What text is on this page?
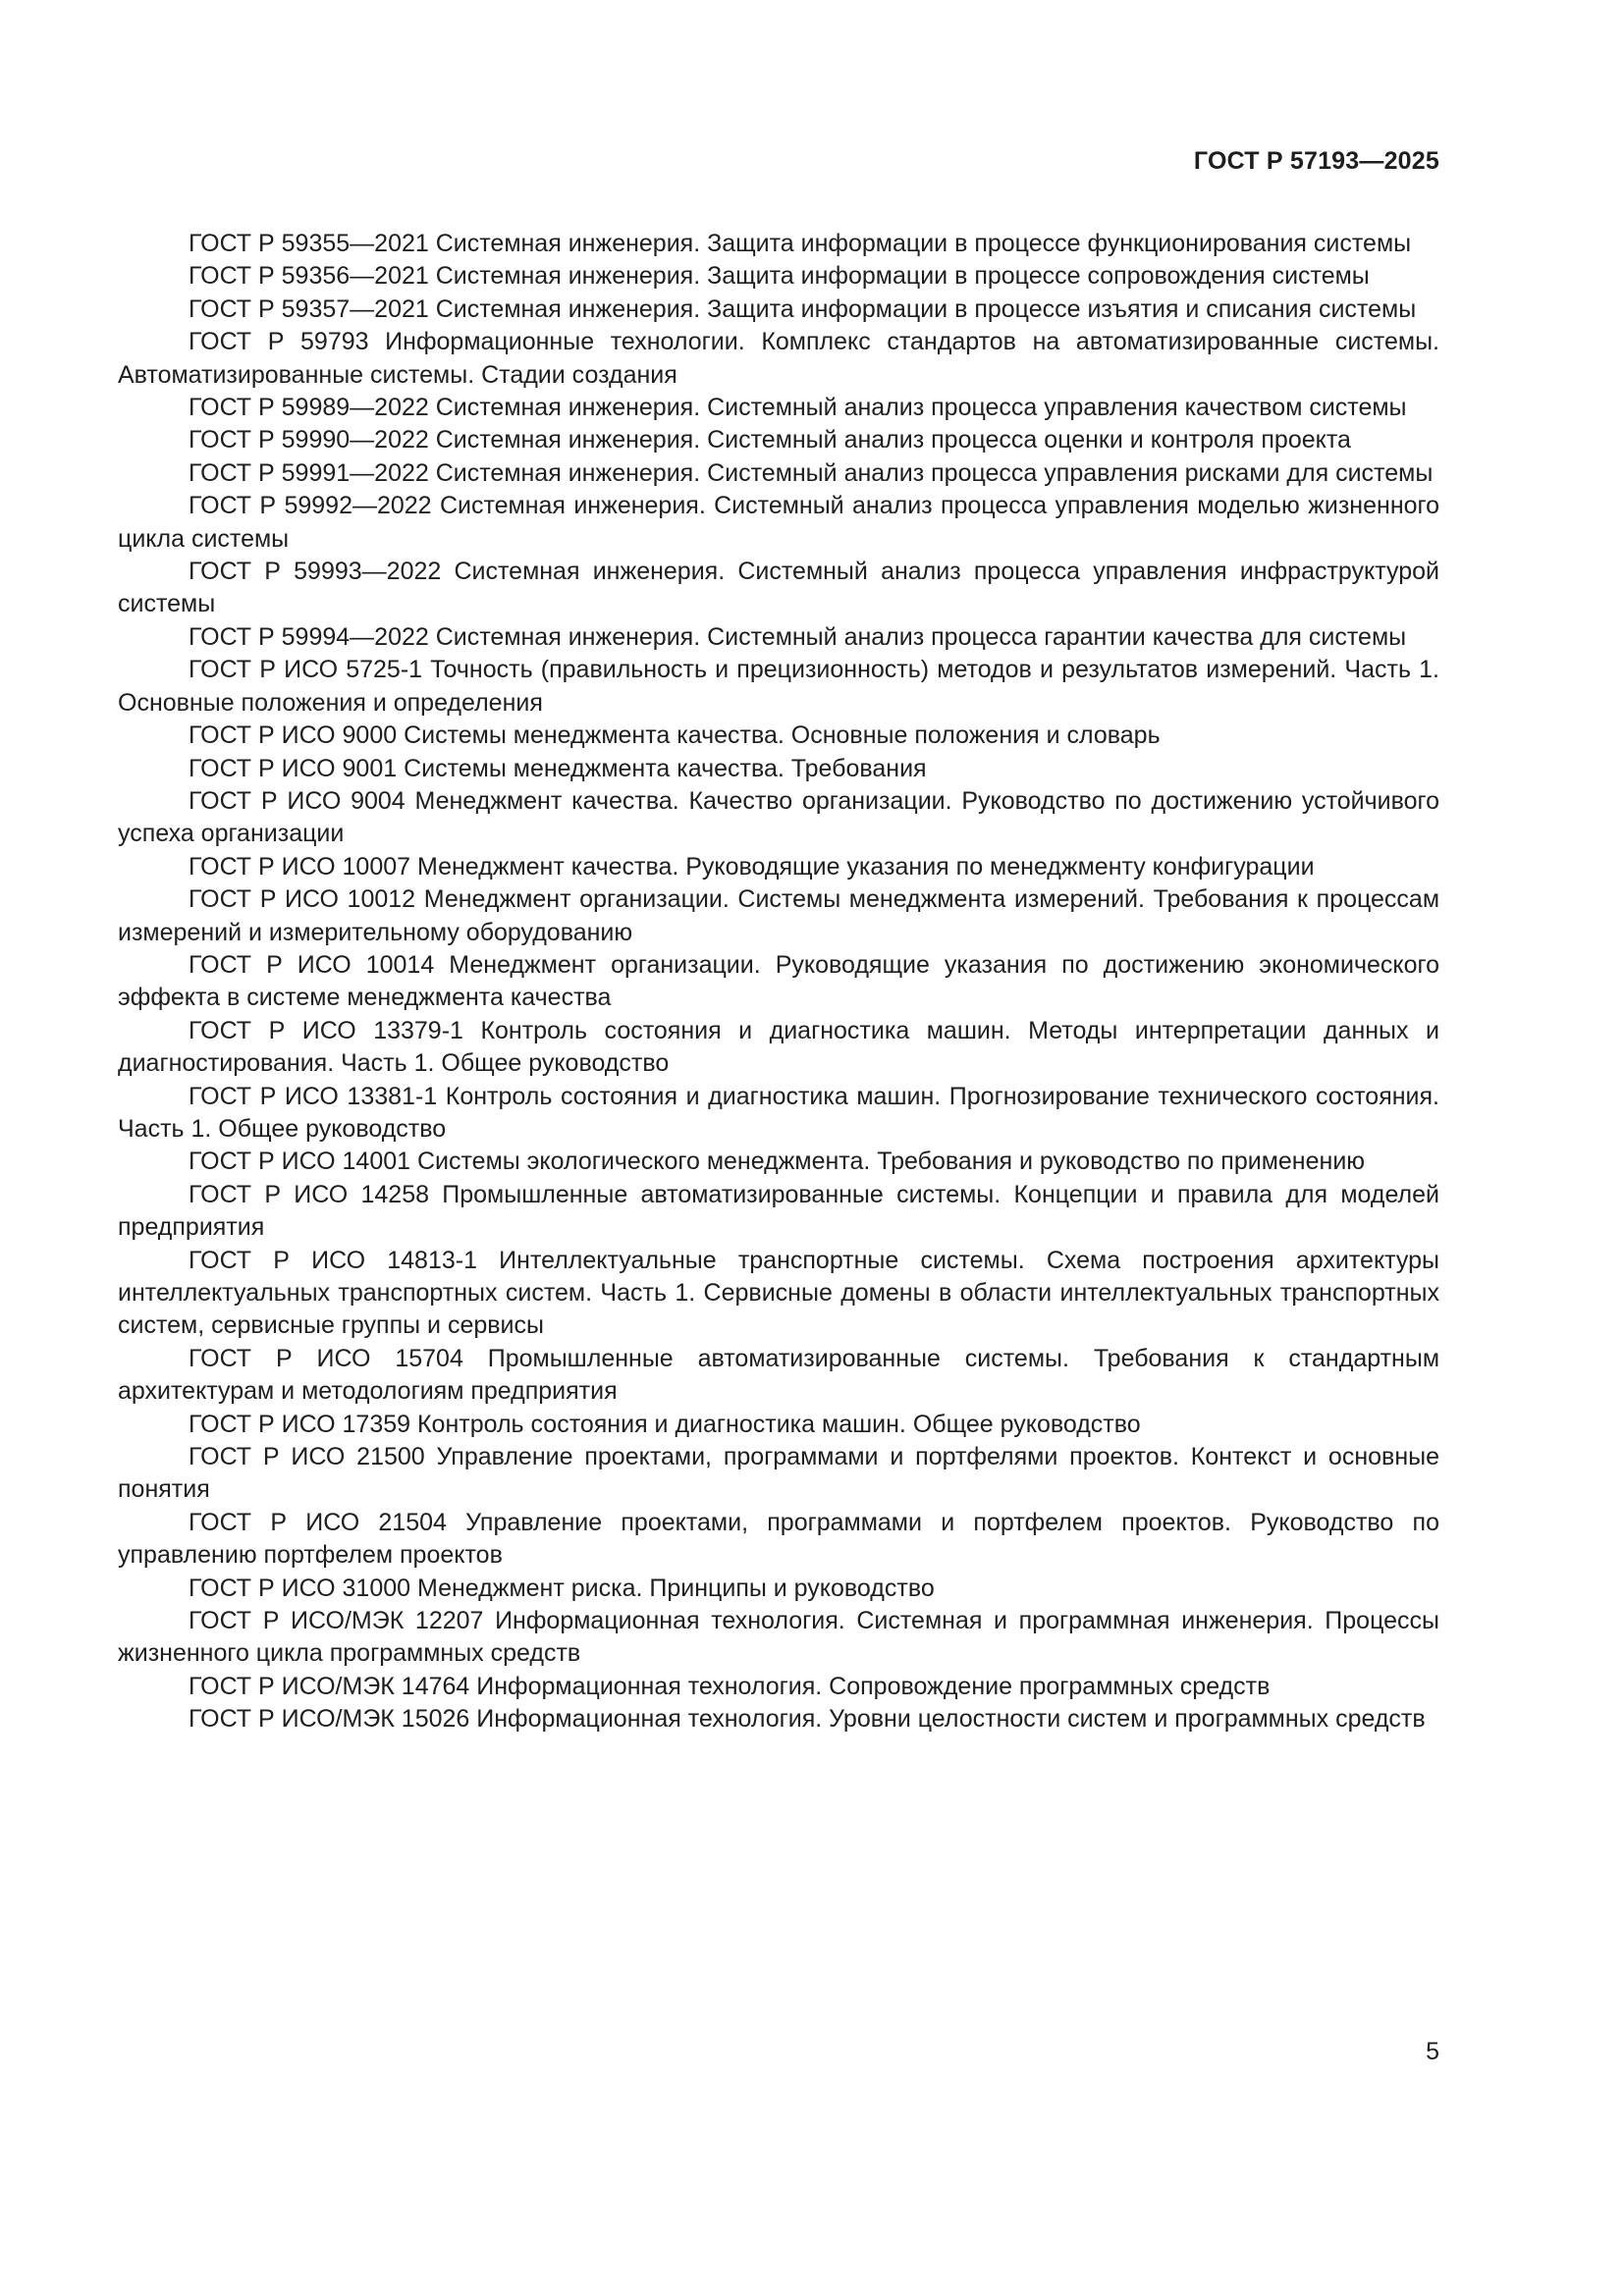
ГОСТ Р 57193—2025

ГОСТ Р 59355—2021 Системная инженерия. Защита информации в процессе функционирования системы

ГОСТ Р 59356—2021 Системная инженерия. Защита информации в процессе сопровождения системы

ГОСТ Р 59357—2021 Системная инженерия. Защита информации в процессе изъятия и списания системы

ГОСТ Р 59793 Информационные технологии. Комплекс стандартов на автоматизированные системы. Автоматизированные системы. Стадии создания

ГОСТ Р 59989—2022 Системная инженерия. Системный анализ процесса управления качеством системы

ГОСТ Р 59990—2022 Системная инженерия. Системный анализ процесса оценки и контроля проекта

ГОСТ Р 59991—2022 Системная инженерия. Системный анализ процесса управления рисками для системы

ГОСТ Р 59992—2022 Системная инженерия. Системный анализ процесса управления моделью жизненного цикла системы

ГОСТ Р 59993—2022 Системная инженерия. Системный анализ процесса управления инфраструктурой системы

ГОСТ Р 59994—2022 Системная инженерия. Системный анализ процесса гарантии качества для системы

ГОСТ Р ИСО 5725-1 Точность (правильность и прецизионность) методов и результатов измерений. Часть 1. Основные положения и определения

ГОСТ Р ИСО 9000 Системы менеджмента качества. Основные положения и словарь

ГОСТ Р ИСО 9001 Системы менеджмента качества. Требования

ГОСТ Р ИСО 9004 Менеджмент качества. Качество организации. Руководство по достижению устойчивого успеха организации

ГОСТ Р ИСО 10007 Менеджмент качества. Руководящие указания по менеджменту конфигурации

ГОСТ Р ИСО 10012 Менеджмент организации. Системы менеджмента измерений. Требования к процессам измерений и измерительному оборудованию

ГОСТ Р ИСО 10014 Менеджмент организации. Руководящие указания по достижению экономического эффекта в системе менеджмента качества

ГОСТ Р ИСО 13379-1 Контроль состояния и диагностика машин. Методы интерпретации данных и диагностирования. Часть 1. Общее руководство

ГОСТ Р ИСО 13381-1 Контроль состояния и диагностика машин. Прогнозирование технического состояния. Часть 1. Общее руководство

ГОСТ Р ИСО 14001 Системы экологического менеджмента. Требования и руководство по применению

ГОСТ Р ИСО 14258 Промышленные автоматизированные системы. Концепции и правила для моделей предприятия

ГОСТ Р ИСО 14813-1 Интеллектуальные транспортные системы. Схема построения архитектуры интеллектуальных транспортных систем. Часть 1. Сервисные домены в области интеллектуальных транспортных систем, сервисные группы и сервисы

ГОСТ Р ИСО 15704 Промышленные автоматизированные системы. Требования к стандартным архитектурам и методологиям предприятия

ГОСТ Р ИСО 17359 Контроль состояния и диагностика машин. Общее руководство

ГОСТ Р ИСО 21500 Управление проектами, программами и портфелями проектов. Контекст и основные понятия

ГОСТ Р ИСО 21504 Управление проектами, программами и портфелем проектов. Руководство по управлению портфелем проектов

ГОСТ Р ИСО 31000 Менеджмент риска. Принципы и руководство

ГОСТ Р ИСО/МЭК 12207 Информационная технология. Системная и программная инженерия. Процессы жизненного цикла программных средств

ГОСТ Р ИСО/МЭК 14764 Информационная технология. Сопровождение программных средств

ГОСТ Р ИСО/МЭК 15026 Информационная технология. Уровни целостности систем и программных средств

5
